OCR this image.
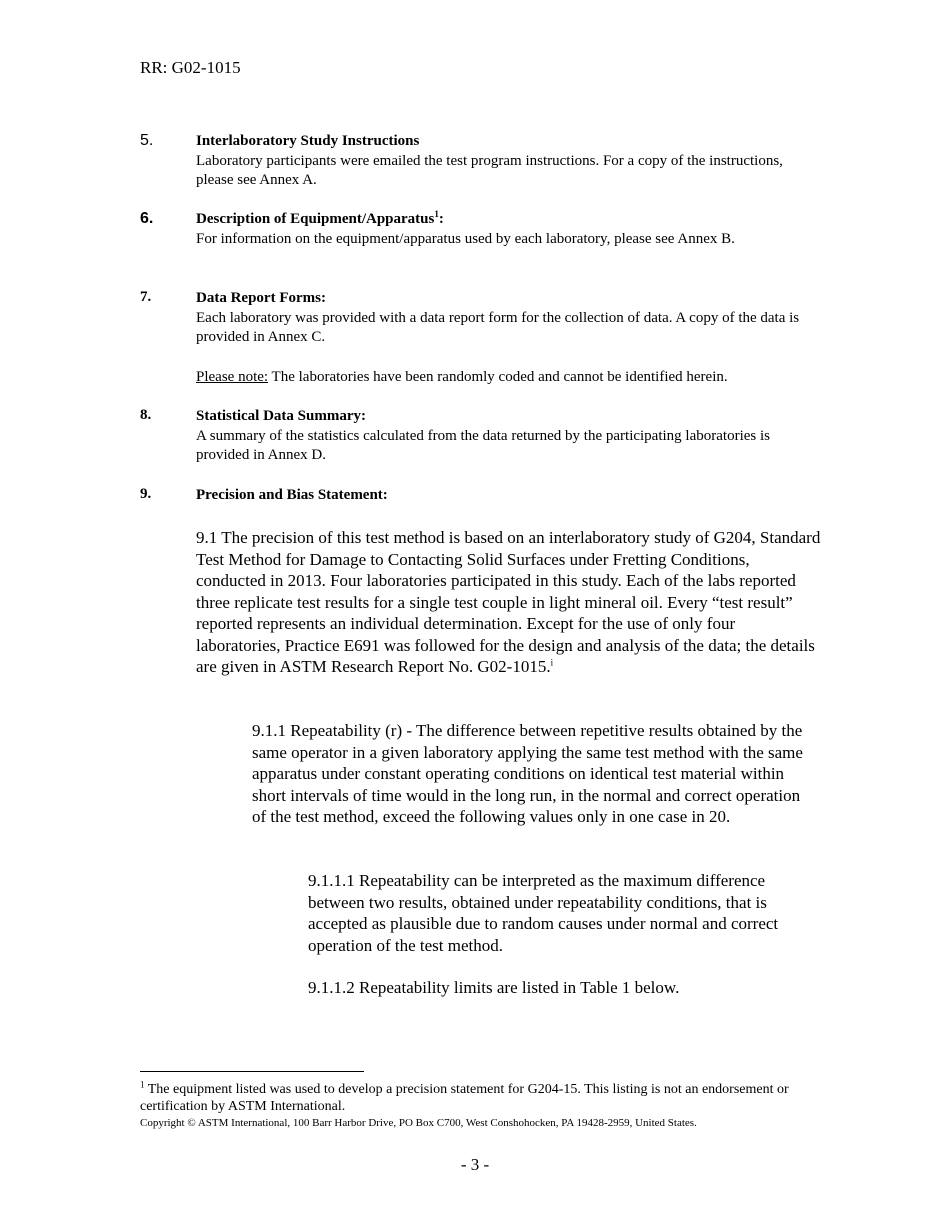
RR: G02-1015
5.	Interlaboratory Study Instructions
Laboratory participants were emailed the test program instructions. For a copy of the instructions, please see Annex A.
6.	Description of Equipment/Apparatus$^1$:
For information on the equipment/apparatus used by each laboratory, please see Annex B.
7.	Data Report Forms:
Each laboratory was provided with a data report form for the collection of data. A copy of the data is provided in Annex C.
Please note: The laboratories have been randomly coded and cannot be identified herein.
8.	Statistical Data Summary:
A summary of the statistics calculated from the data returned by the participating laboratories is provided in Annex D.
9.	Precision and Bias Statement:
9.1 The precision of this test method is based on an interlaboratory study of G204, Standard Test Method for Damage to Contacting Solid Surfaces under Fretting Conditions, conducted in 2013. Four laboratories participated in this study. Each of the labs reported three replicate test results for a single test couple in light mineral oil. Every “test result” reported represents an individual determination. Except for the use of only four laboratories, Practice E691 was followed for the design and analysis of the data; the details are given in ASTM Research Report No. G02-1015.$^i$
9.1.1 Repeatability (r) - The difference between repetitive results obtained by the same operator in a given laboratory applying the same test method with the same apparatus under constant operating conditions on identical test material within short intervals of time would in the long run, in the normal and correct operation of the test method, exceed the following values only in one case in 20.
9.1.1.1 Repeatability can be interpreted as the maximum difference between two results, obtained under repeatability conditions, that is accepted as plausible due to random causes under normal and correct operation of the test method.
9.1.1.2 Repeatability limits are listed in Table 1 below.
$^1$ The equipment listed was used to develop a precision statement for G204-15. This listing is not an endorsement or certification by ASTM International.
Copyright © ASTM International, 100 Barr Harbor Drive, PO Box C700, West Conshohocken, PA 19428-2959, United States.
- 3 -
